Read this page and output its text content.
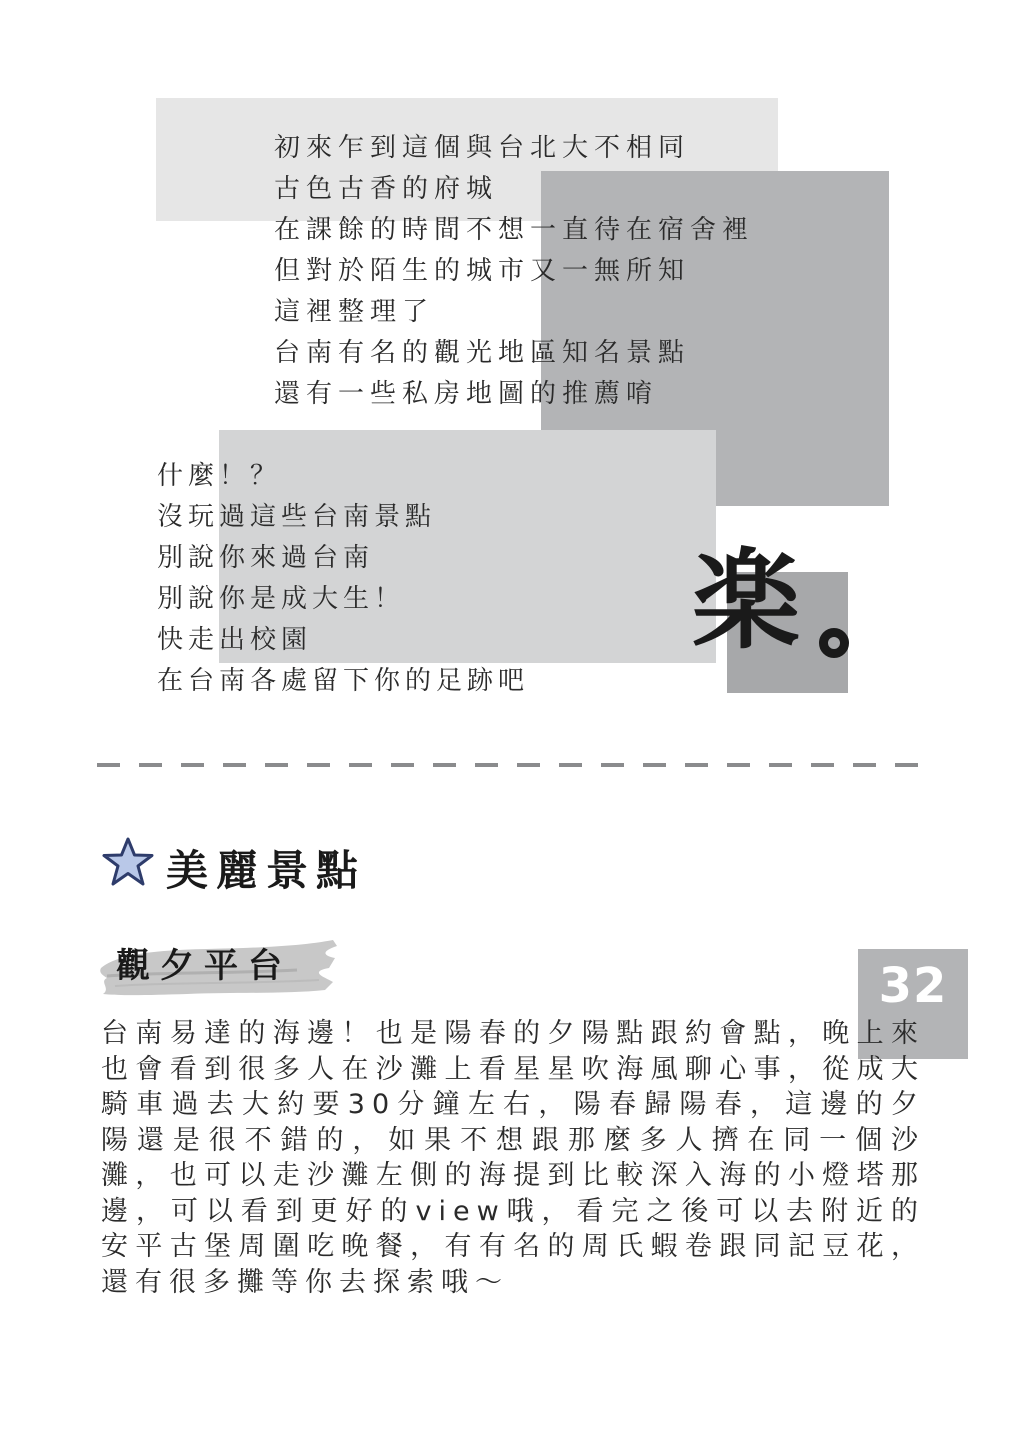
初來乍到這個與台北大不相同
古色古香的府城
在課餘的時間不想一直待在宿舍裡
但對於陌生的城市又一無所知
這裡整理了
台南有名的觀光地區知名景點
還有一些私房地圖的推薦唷
什麼！？
沒玩過這些台南景點
別說你來過台南
別說你是成大生！
快走出校園
在台南各處留下你的足跡吧
楽
美麗景點
觀夕平台	32
台南易達的海邊！也是陽春的夕陽點跟約會點，晚上來也會看到很多人在沙灘上看星星吹海風聊心事，從成大騎車過去大約要30分鐘左右，陽春歸陽春，這邊的夕陽還是很不錯的，如果不想跟那麼多人擠在同一個沙灘，也可以走沙灘左側的海提到比較深入海的小燈塔那邊，可以看到更好的view哦，看完之後可以去附近的安平古堡周圍吃晚餐，有有名的周氏蝦卷跟同記豆花，還有很多攤等你去探索哦～
